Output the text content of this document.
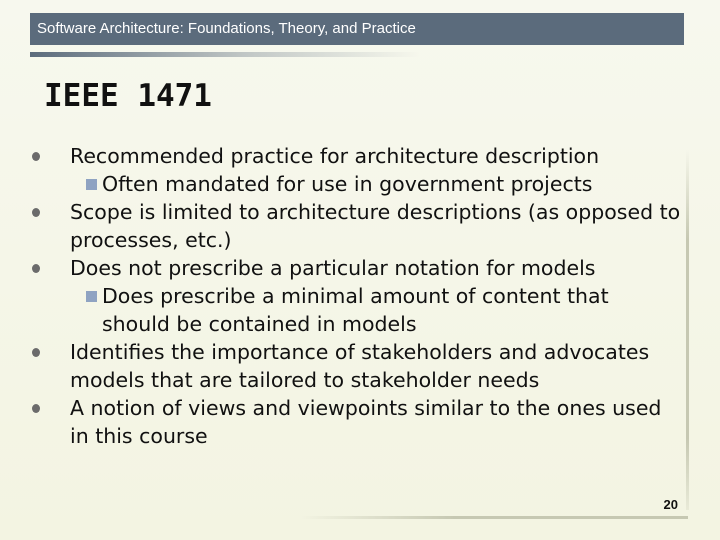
Software Architecture: Foundations, Theory, and Practice
IEEE 1471
Recommended practice for architecture description
Often mandated for use in government projects
Scope is limited to architecture descriptions (as opposed to processes, etc.)
Does not prescribe a particular notation for models
Does prescribe a minimal amount of content that should be contained in models
Identifies the importance of stakeholders and advocates models that are tailored to stakeholder needs
A notion of views and viewpoints similar to the ones used in this course
20
